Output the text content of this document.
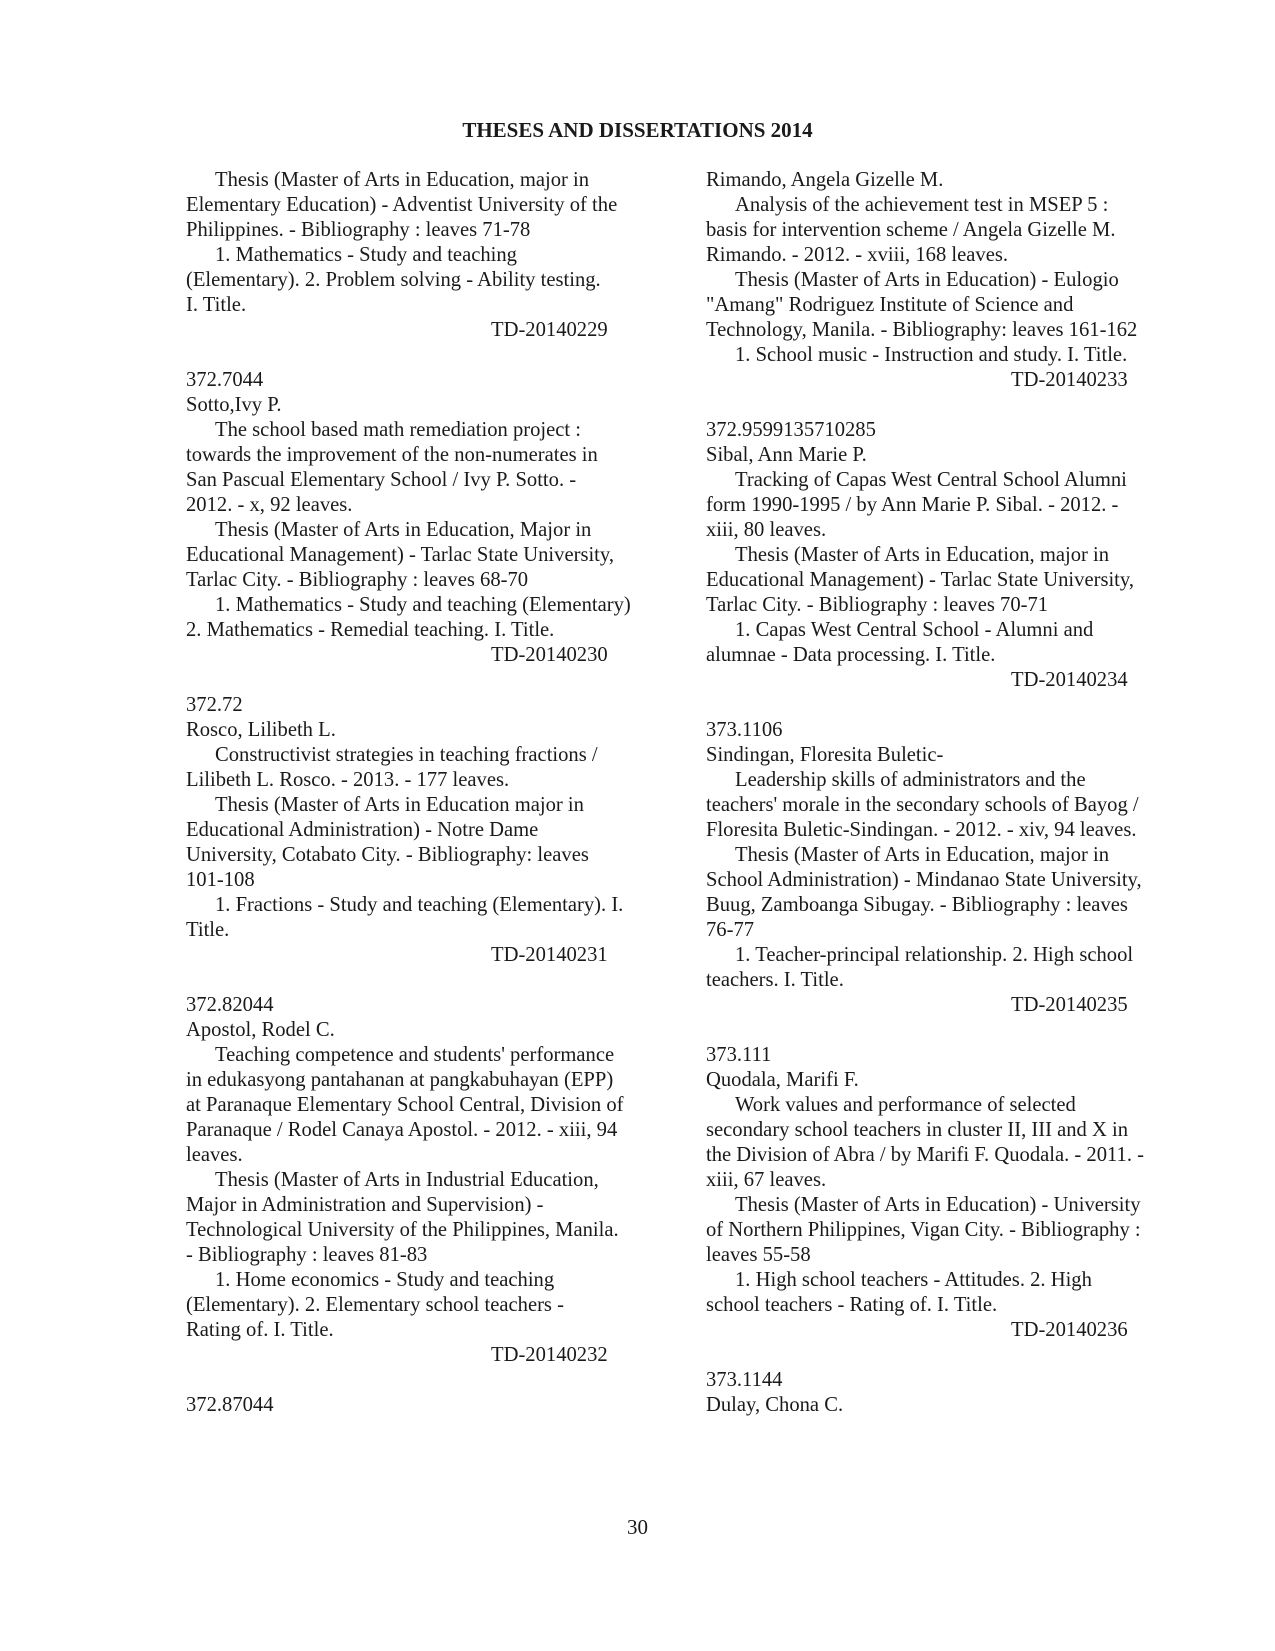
THESES AND DISSERTATIONS 2014
Thesis (Master of Arts in Education, major in
Elementary Education) - Adventist University of the
Philippines. - Bibliography : leaves 71-78
1. Mathematics - Study and teaching
(Elementary). 2. Problem solving - Ability testing.
I. Title.
TD-20140229
372.7044
Sotto,Ivy P.
The school based math remediation project :
towards the improvement of the non-numerates in
San Pascual Elementary School / Ivy P. Sotto. -
2012. - x, 92 leaves.
Thesis (Master of Arts in Education, Major in
Educational Management) - Tarlac State University,
Tarlac City. - Bibliography : leaves 68-70
1. Mathematics - Study and teaching (Elementary)
2. Mathematics - Remedial teaching. I. Title.
TD-20140230
372.72
Rosco, Lilibeth L.
Constructivist strategies in teaching fractions /
Lilibeth L. Rosco. - 2013. - 177 leaves.
Thesis (Master of Arts in Education major in
Educational Administration) - Notre Dame
University, Cotabato City. - Bibliography: leaves
101-108
1. Fractions - Study and teaching (Elementary). I.
Title.
TD-20140231
372.82044
Apostol, Rodel C.
Teaching competence and students' performance
in edukasyong pantahanan at pangkabuhayan (EPP)
at Paranaque Elementary School Central, Division of
Paranaque / Rodel Canaya Apostol. - 2012. - xiii, 94
leaves.
Thesis (Master of Arts in Industrial Education,
Major in Administration and Supervision) -
Technological University of the Philippines, Manila.
- Bibliography : leaves 81-83
1. Home economics - Study and teaching
(Elementary). 2. Elementary school teachers -
Rating of. I. Title.
TD-20140232
372.87044
Rimando, Angela Gizelle M.
Analysis of the achievement test in MSEP 5 :
basis for intervention scheme / Angela Gizelle M.
Rimando. - 2012. - xviii, 168 leaves.
Thesis (Master of Arts in Education) - Eulogio
"Amang" Rodriguez Institute of Science and
Technology, Manila. - Bibliography: leaves 161-162
1. School music - Instruction and study. I. Title.
TD-20140233
372.9599135710285
Sibal, Ann Marie P.
Tracking of Capas West Central School Alumni
form 1990-1995 / by Ann Marie P. Sibal. - 2012. -
xiii, 80 leaves.
Thesis (Master of Arts in Education, major in
Educational Management) - Tarlac State University,
Tarlac City. - Bibliography : leaves 70-71
1. Capas West Central School - Alumni and
alumnae - Data processing. I. Title.
TD-20140234
373.1106
Sindingan, Floresita Buletic-
Leadership skills of administrators and the
teachers' morale in the secondary schools of Bayog /
Floresita Buletic-Sindingan. - 2012. - xiv, 94 leaves.
Thesis (Master of Arts in Education, major in
School Administration) - Mindanao State University,
Buug, Zamboanga Sibugay. - Bibliography : leaves
76-77
1. Teacher-principal relationship. 2. High school
teachers. I. Title.
TD-20140235
373.111
Quodala, Marifi F.
Work values and performance of selected
secondary school teachers in cluster II, III and X in
the Division of Abra / by Marifi F. Quodala. - 2011. -
xiii, 67 leaves.
Thesis (Master of Arts in Education) - University
of Northern Philippines, Vigan City. - Bibliography :
leaves 55-58
1. High school teachers - Attitudes. 2. High
school teachers - Rating of. I. Title.
TD-20140236
373.1144
Dulay, Chona C.
30
